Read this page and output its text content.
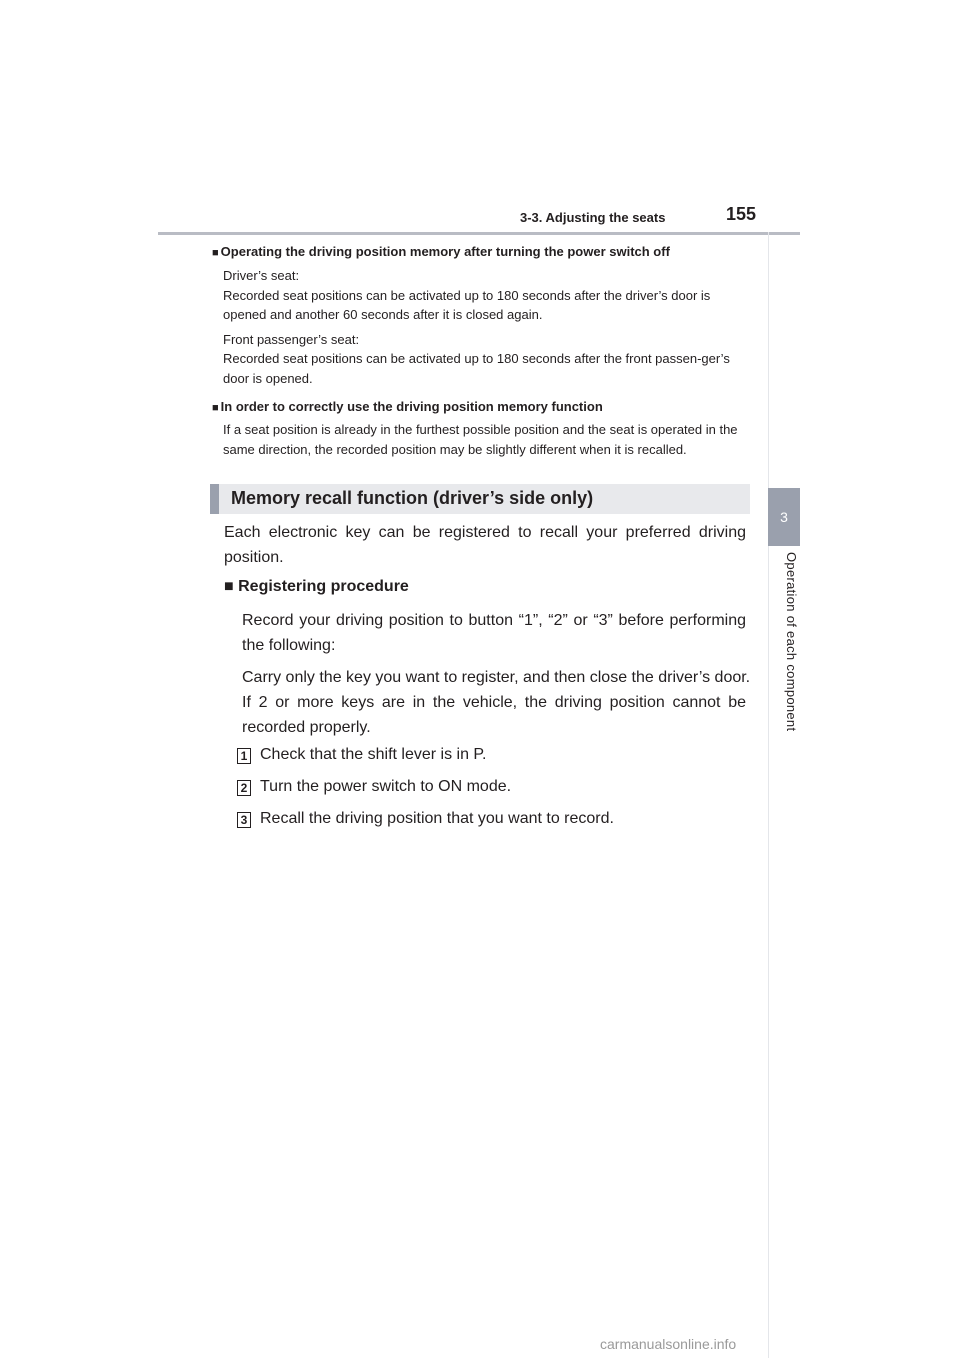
3-3. Adjusting the seats	155
3
Operation of each component

■ Operating the driving position memory after turning the power switch off

Driver’s seat:

Recorded seat positions can be activated up to 180 seconds after the driver’s door is opened and another 60 seconds after it is closed again.

Front passenger’s seat:

Recorded seat positions can be activated up to 180 seconds after the front passen-ger’s door is opened.

■ In order to correctly use the driving position memory function

If a seat position is already in the furthest possible position and the seat is operated in the same direction, the recorded position may be slightly different when it is recalled.

Memory recall function (driver’s side only)

Each electronic key can be registered to recall your preferred driving position.

■ Registering procedure

Record your driving position to button “1”, “2” or “3” before performing the following:

Carry only the key you want to register, and then close the driver’s door.

If 2 or more keys are in the vehicle, the driving position cannot be recorded properly.

1 Check that the shift lever is in P.
2 Turn the power switch to ON mode.
3 Recall the driving position that you want to record.
carmanualsonline.info
